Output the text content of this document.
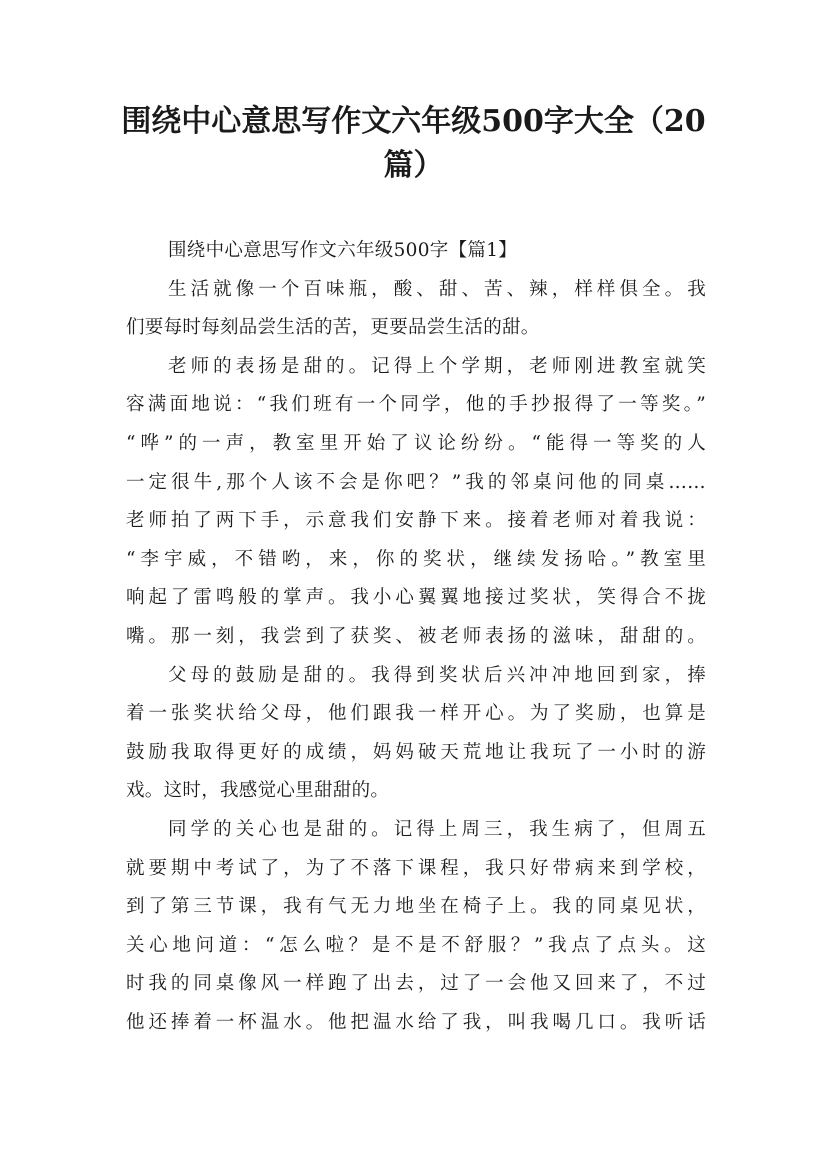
围绕中心意思写作文六年级500字大全（20
篇）
围绕中心意思写作文六年级500字【篇1】
生活就像一个百味瓶，酸、甜、苦、辣，样样俱全。我
们要每时每刻品尝生活的苦，更要品尝生活的甜。
老师的表扬是甜的。记得上个学期，老师刚进教室就笑
容满面地说：“我们班有一个同学，他的手抄报得了一等奖。”
“哗”的一声，教室里开始了议论纷纷。“能得一等奖的人
一定很牛,那个人该不会是你吧？”我的邻桌问他的同桌……
老师拍了两下手，示意我们安静下来。接着老师对着我说：
“李宇威，不错哟，来，你的奖状，继续发扬哈。”教室里
响起了雷鸣般的掌声。我小心翼翼地接过奖状，笑得合不拢
嘴。那一刻，我尝到了获奖、被老师表扬的滋味，甜甜的。
父母的鼓励是甜的。我得到奖状后兴冲冲地回到家，捧
着一张奖状给父母，他们跟我一样开心。为了奖励，也算是
鼓励我取得更好的成绩，妈妈破天荒地让我玩了一小时的游
戏。这时，我感觉心里甜甜的。
同学的关心也是甜的。记得上周三，我生病了，但周五
就要期中考试了，为了不落下课程，我只好带病来到学校，
到了第三节课，我有气无力地坐在椅子上。我的同桌见状，
关心地问道：“怎么啦？是不是不舒服？”我点了点头。这
时我的同桌像风一样跑了出去，过了一会他又回来了，不过
他还捧着一杯温水。他把温水给了我，叫我喝几口。我听话
